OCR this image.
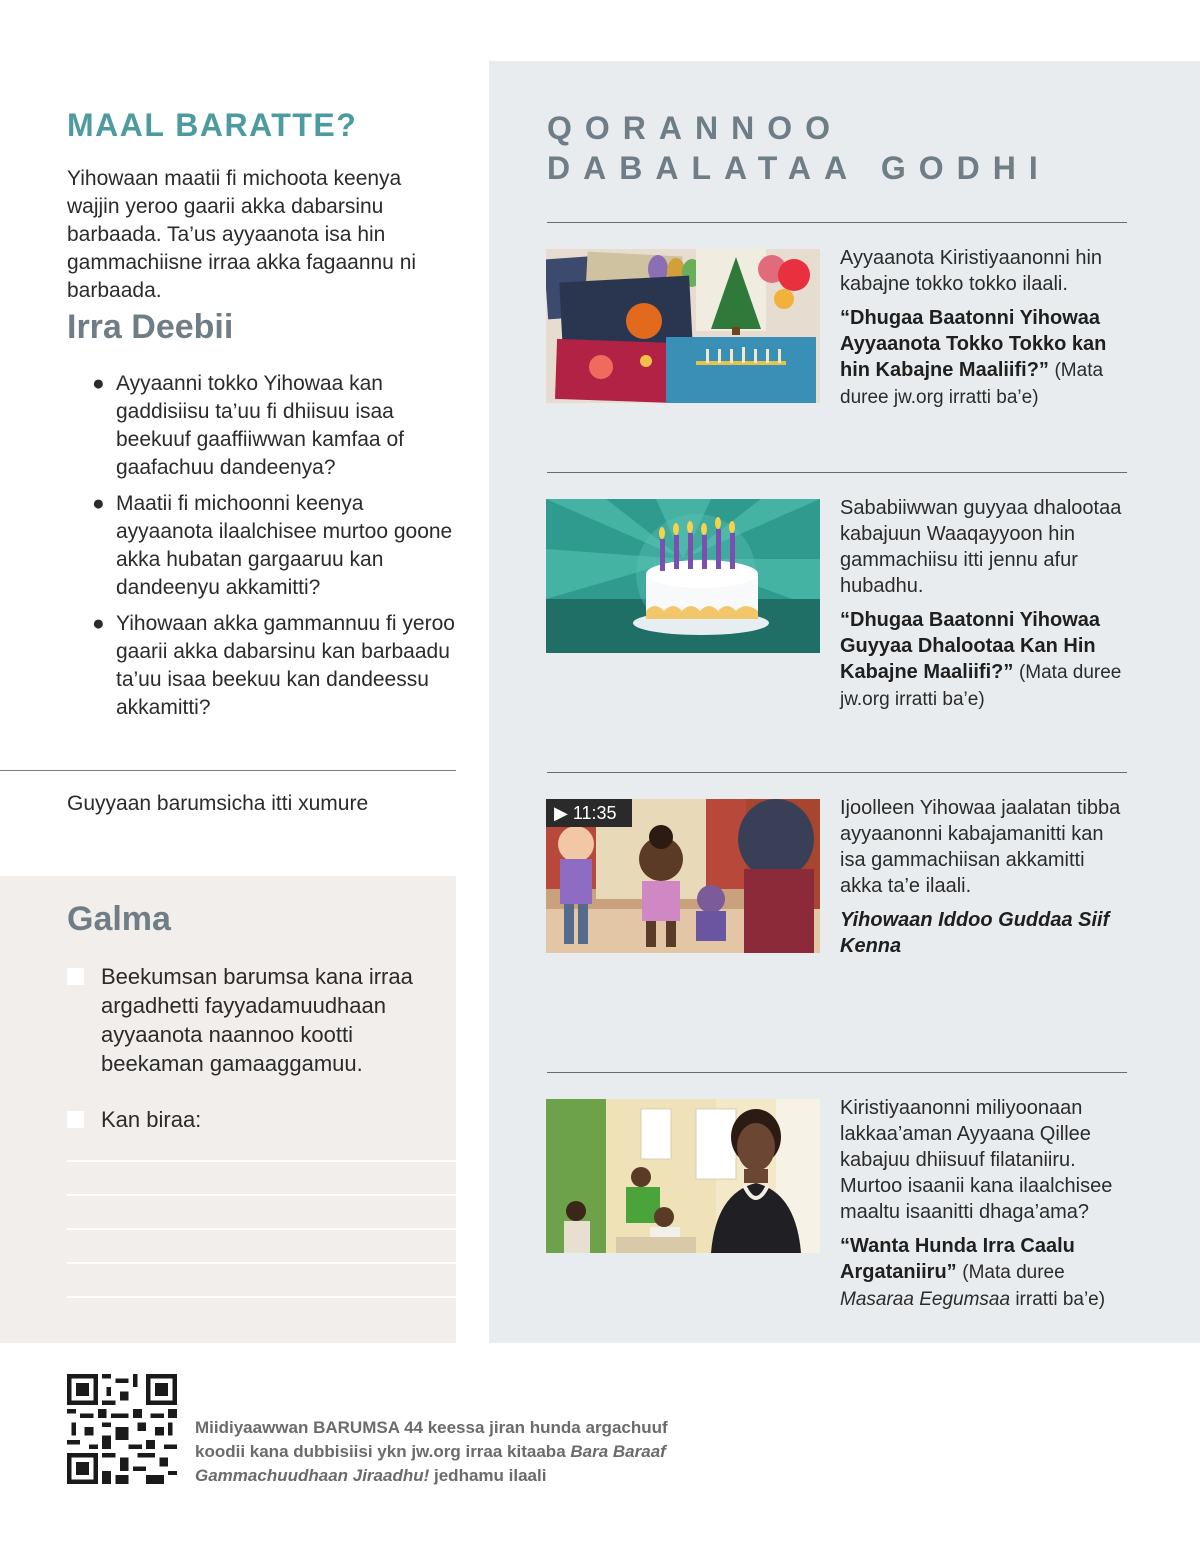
MAAL BARATTE?

Yihowaan maatii fi michoota keenya wajjin yeroo gaarii akka dabarsinu barbaada. Ta’us ayyaanota isa hin gammachiisne irraa akka fagaannu ni barbaada.

Irra Deebii
● Ayyaanni tokko Yihowaa kan gaddisiisu ta’uu fi dhiisuu isaa beekuuf gaaffiiwwan kamfaa of gaafachuu dandeenya?
● Maatii fi michoonni keenya ayyaanota ilaalchisee murtoo goone akka hubatan gargaaruu kan dandeenyu akkamitti?
● Yihowaan akka gammannuu fi yeroo gaarii akka dabarsinu kan barbaadu ta’uu isaa beekuu kan dandeessu akkamitti?

Guyyaan barumsicha itti xumure

Galma
Beekumsan barumsa kana irraa argadhetti fayyadamuudhaan ayyaanota naannoo kootti beekaman gamaaggamuu.
Kan biraa:
QORANNOO
DABALATAA GODHI

Ayyaanota Kiristiyaanonni hin kabajne tokko tokko ilaali.

“Dhugaa Baatonni Yihowaa Ayyaanota Tokko Tokko kan hin Kabajne Maaliifi?” (Mata duree jw.org irratti ba’e)

Sababiiwwan guyyaa dhalootaa kabajuun Waaqayyoon hin gammachiisu itti jennu afur hubadhu.

“Dhugaa Baatonni Yihowaa Guyyaa Dhalootaa Kan Hin Kabajne Maaliifi?” (Mata duree jw.org irratti ba’e)

▶ 11:35	Ijoolleen Yihowaa jaalatan tibba ayyaanonni kabajamanitti kan isa gammachiisan akkamitti akka ta’e ilaali.

Yihowaan Iddoo Guddaa Siif Kenna

Kiristiyaanonni miliyoonaan lakkaa’aman Ayyaana Qillee kabajuu dhiisuuf filataniiru. Murtoo isaanii kana ilaalchisee maaltu isaanitti dhaga’ama?

“Wanta Hunda Irra Caalu Argataniiru” (Mata duree Masaraa Eegumsaa irratti ba’e)

Miidiyaawwan BARUMSA 44 keessa jiran hunda argachuuf koodii kana dubbisiisi ykn jw.org irraa kitaaba Bara Baraaf Gammachuudhaan Jiraadhu! jedhamu ilaali
